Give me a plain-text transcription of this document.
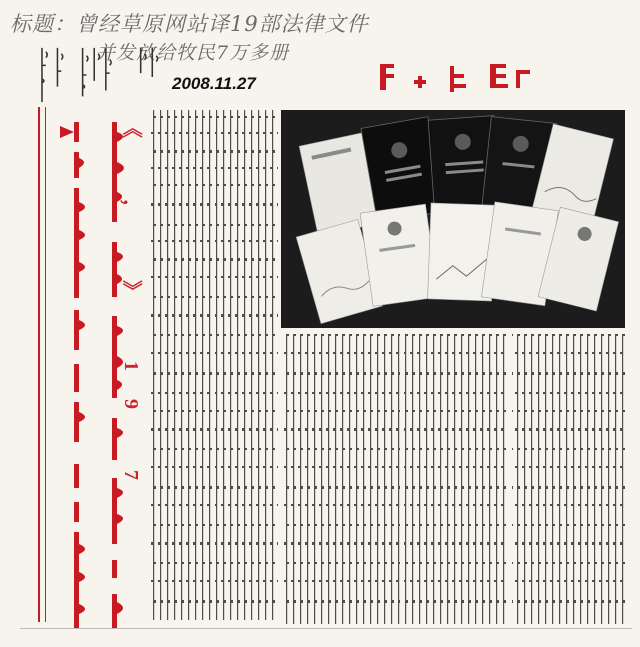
标题：曾经草原网站译19部法律文件
并发放给牧民7万多册
2008.11.27
《 ， 》 19 7
